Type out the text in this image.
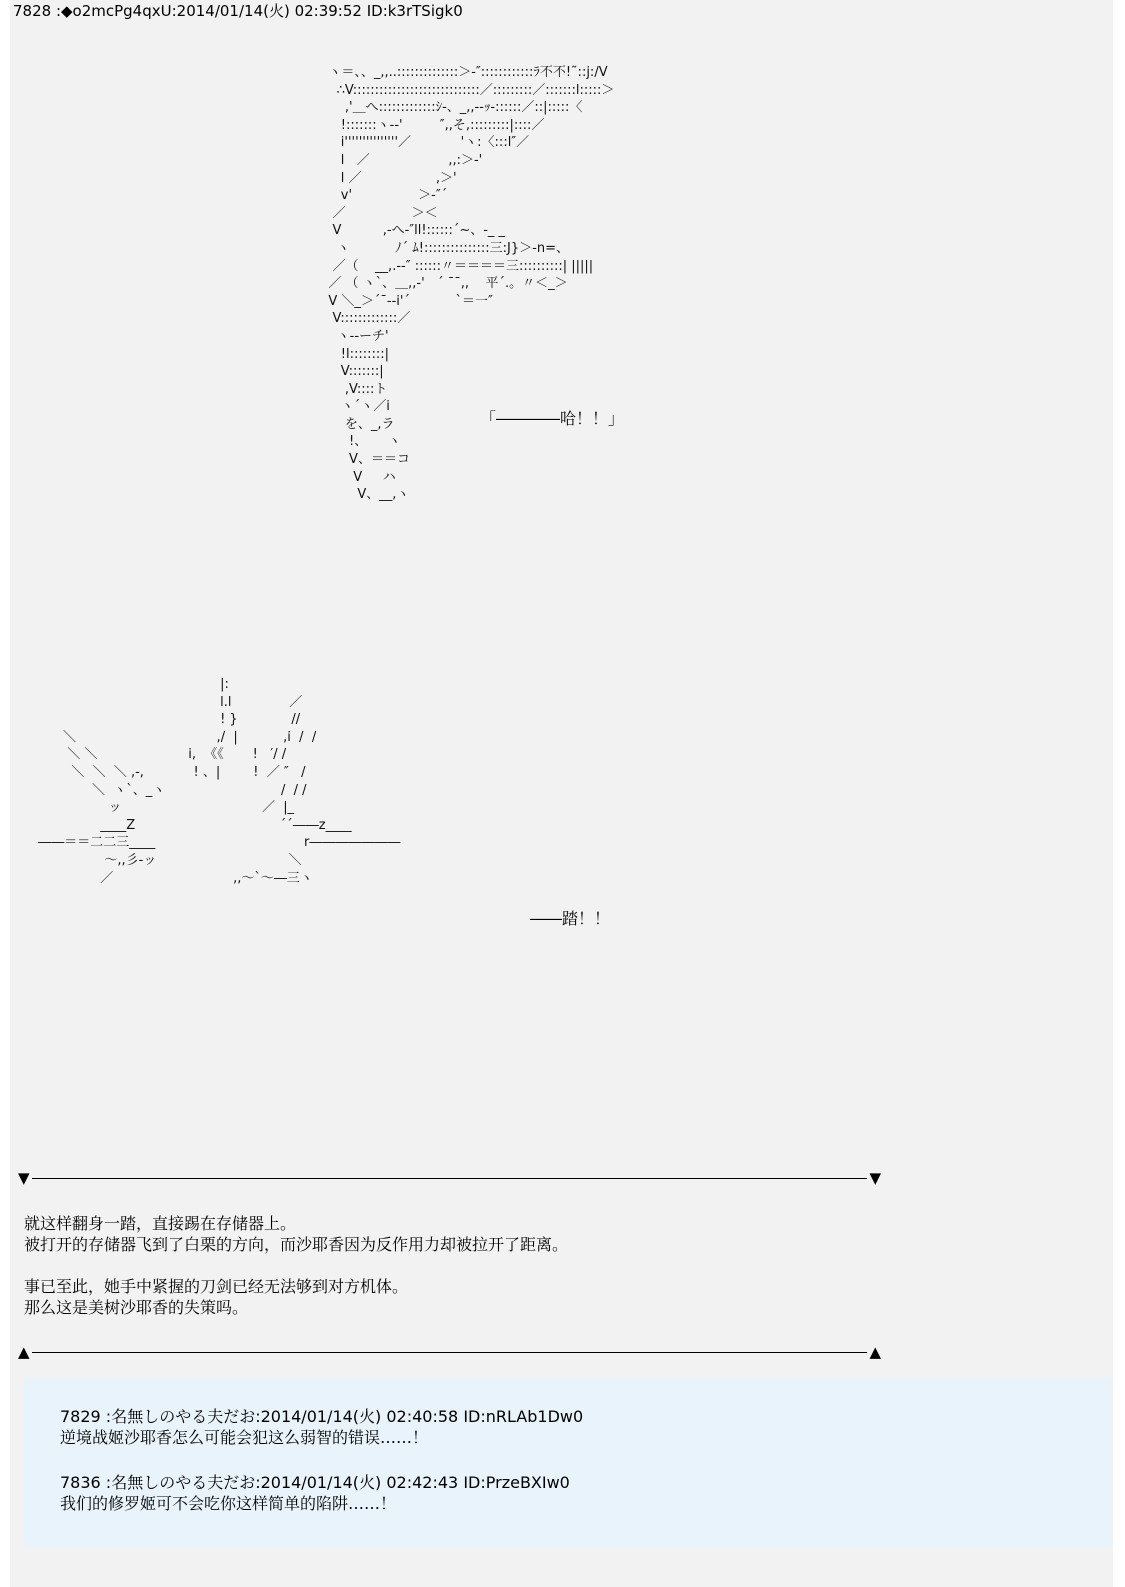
7828 :◆o2mcPg4qxU:2014/01/14(火) 02:39:52 ID:k3rTSigk0
ヽ＝、、_,,..::::::::::::::＞-″::::::::::::ﾗ不不!˜::j:/V
∴V:::::::::::::::::::::::::::::／:::::::::／:::::::l:::::＞
,'＿へ:::::::::::::ｼ-、_,,-‐ｯ-::::::／::|:::::〈
!:::::::ヽ--'         ″,,そ,:::::::::|::::／
i'''''''''''''''／            'ヽ:〈:::l″／
l   ／                   ,,:＞-'
l ／                  ,＞'
v'                ＞-″´
／                ＞＜
V          ,-へ-″ll!::::::´~、-_ _
ヽ           ﾉ´ ﾑ!:::::::::::::::三:J}＞-n=、
／（    __,.--″ ::::::〃＝＝＝＝三::::::::::| |||||
／ （ ヽ`、＿,,-'   ´ ¯¯,,    平´.。〃＜_＞
V ＼_＞´¯--i'´           `＝一″
V:::::::::::::／
ヽ--ーチ'
!l::::::::|
V:::::::|
,V::::ト
ヽ´ヽ／i
を、_,ラ
!、     ヽ
V、＝＝コ
V     ハ
V、__,ヽ
「――――哈！！」
|:
l.l              ／
! }             //
＼                                  ,/  |           ,i  /  /
＼ ＼                      i,  《《       !   ′/ /
＼  ＼  ＼ ,-,            ! 、|        !  ／ ″   /
＼  ヽ`、_ヽ                            /  / /
ッ                                  ／  |_
____Z                                   ´´――z____
――＝＝二二三____                                    r―――――――
～,,彡-ッ                                ＼
／                             ,,～`～―三ヽ
――踏！！
▼	▼
就这样翻身一踏，直接踢在存储器上。
被打开的存储器飞到了白栗的方向，而沙耶香因为反作用力却被拉开了距离。
事已至此，她手中紧握的刀剑已经无法够到对方机体。
那么这是美树沙耶香的失策吗。
▲	▲
7829 :名無しのやる夫だお:2014/01/14(火) 02:40:58 ID:nRLAb1Dw0
逆境战姬沙耶香怎么可能会犯这么弱智的错误……！
7836 :名無しのやる夫だお:2014/01/14(火) 02:42:43 ID:PrzeBXIw0
我们的修罗姬可不会吃你这样简单的陷阱……！
